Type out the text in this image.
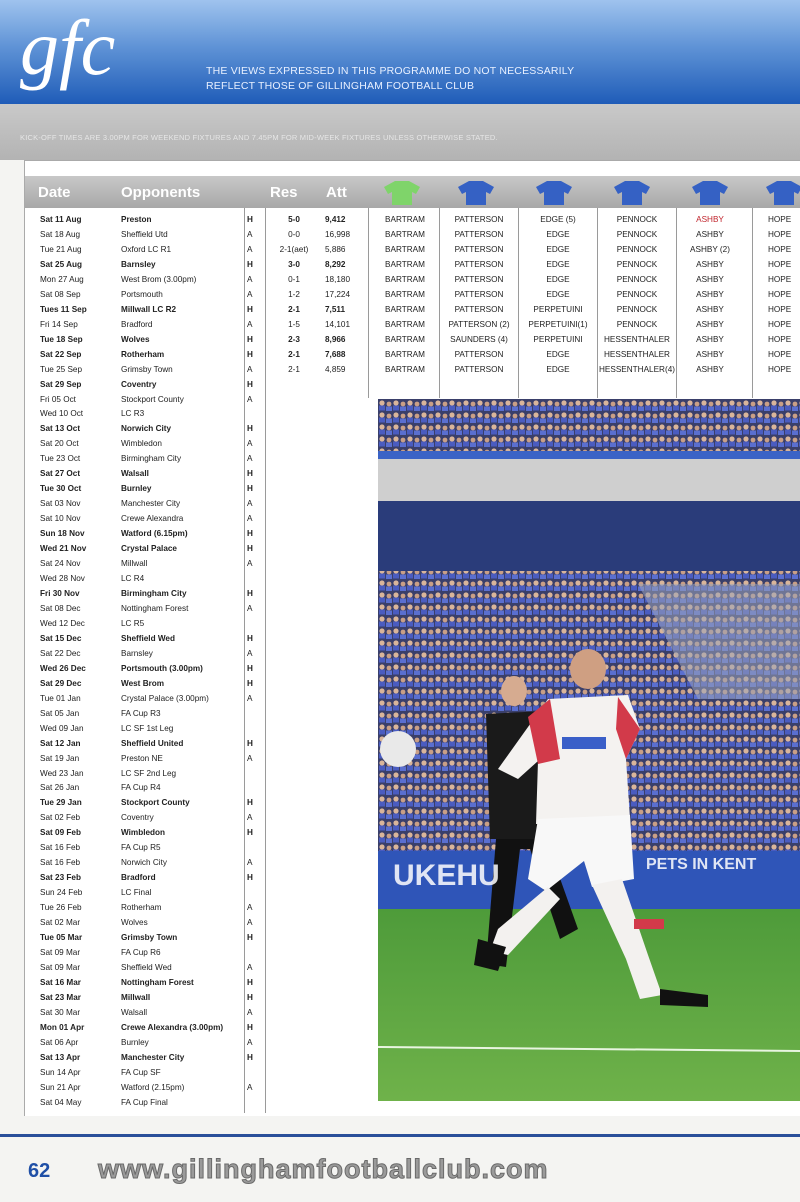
gfc	THE VIEWS EXPRESSED IN THIS PROGRAMME DO NOT NECESSARILY
REFLECT THOSE OF GILLINGHAM FOOTBALL CLUB
KICK-OFF TIMES ARE 3.00PM FOR WEEKEND FIXTURES AND 7.45PM FOR MID-WEEK FIXTURES UNLESS OTHERWISE STATED.
Date	Opponents	Res Att
Sat 11 Aug	Preston	H	5-0	9,412	BARTRAM	PATTERSON	EDGE (5)	PENNOCK	ASHBY	HOPE
Sat 18 Aug	Sheffield Utd	A	0-0	16,998	BARTRAM	PATTERSON	EDGE	PENNOCK	ASHBY	HOPE
Tue 21 Aug	Oxford LC R1	A	2-1(aet)	5,886	BARTRAM	PATTERSON	EDGE	PENNOCK	ASHBY (2)	HOPE
Sat 25 Aug	Barnsley	H	3-0	8,292	BARTRAM	PATTERSON	EDGE	PENNOCK	ASHBY	HOPE
Mon 27 Aug	West Brom (3.00pm)	A	0-1	18,180	BARTRAM	PATTERSON	EDGE	PENNOCK	ASHBY	HOPE
Sat 08 Sep	Portsmouth	A	1-2	17,224	BARTRAM	PATTERSON	EDGE	PENNOCK	ASHBY	HOPE
Tues 11 Sep	Millwall LC R2	H	2-1	7,511	BARTRAM	PATTERSON	PERPETUINI	PENNOCK	ASHBY	HOPE
Fri 14 Sep	Bradford	A	1-5	14,101	BARTRAM	PATTERSON (2)	PERPETUINI(1)	PENNOCK	ASHBY	HOPE
Tue 18 Sep	Wolves	H	2-3	8,966	BARTRAM	SAUNDERS (4)	PERPETUINI	HESSENTHALER	ASHBY	HOPE
Sat 22 Sep	Rotherham	H	2-1	7,688	BARTRAM	PATTERSON	EDGE	HESSENTHALER	ASHBY	HOPE
Tue 25 Sep	Grimsby Town	A	2-1	4,859	BARTRAM	PATTERSON	EDGE	HESSENTHALER(4)	ASHBY	HOPE
Sat 29 Sep	Coventry	H
Fri 05 Oct	Stockport County	A
Wed 10 Oct	LC R3
Sat 13 Oct	Norwich City	H
Sat 20 Oct	Wimbledon	A
Tue 23 Oct	Birmingham City	A
Sat 27 Oct	Walsall	H
Tue 30 Oct	Burnley	H
Sat 03 Nov	Manchester City	A
Sat 10 Nov	Crewe Alexandra	A
Sun 18 Nov	Watford (6.15pm)	H
Wed 21 Nov	Crystal Palace	H
Sat 24 Nov	Millwall	A
Wed 28 Nov	LC R4
Fri 30 Nov	Birmingham City	H
Sat 08 Dec	Nottingham Forest	A
Wed 12 Dec	LC R5
Sat 15 Dec	Sheffield Wed	H
Sat 22 Dec	Barnsley	A
Wed 26 Dec	Portsmouth (3.00pm)	H
Sat 29 Dec	West Brom	H
Tue 01 Jan	Crystal Palace (3.00pm)	A
Sat 05 Jan	FA Cup R3
Wed 09 Jan	LC SF 1st Leg
Sat 12 Jan	Sheffield United	H
Sat 19 Jan	Preston NE	A
Wed 23 Jan	LC SF 2nd Leg
Sat 26 Jan	FA Cup R4
Tue 29 Jan	Stockport County	H
Sat 02 Feb	Coventry	A
Sat 09 Feb	Wimbledon	H
Sat 16 Feb	FA Cup R5
Sat 16 Feb	Norwich City	A
Sat 23 Feb	Bradford	H
Sun 24 Feb	LC Final
Tue 26 Feb	Rotherham	A
Sat 02 Mar	Wolves	A
Tue 05 Mar	Grimsby Town	H
Sat 09 Mar	FA Cup R6
Sat 09 Mar	Sheffield Wed	A
Sat 16 Mar	Nottingham Forest	H
Sat 23 Mar	Millwall	H
Sat 30 Mar	Walsall	A
Mon 01 Apr	Crewe Alexandra (3.00pm)	H
Sat 06 Apr	Burnley	A
Sat 13 Apr	Manchester City	H
Sun 14 Apr	FA Cup SF
Sun 21 Apr	Watford (2.15pm)	A
Sat 04 May	FA Cup Final
UKEHU	PETS IN KENT
62 www.gillinghamfootballclub.com
